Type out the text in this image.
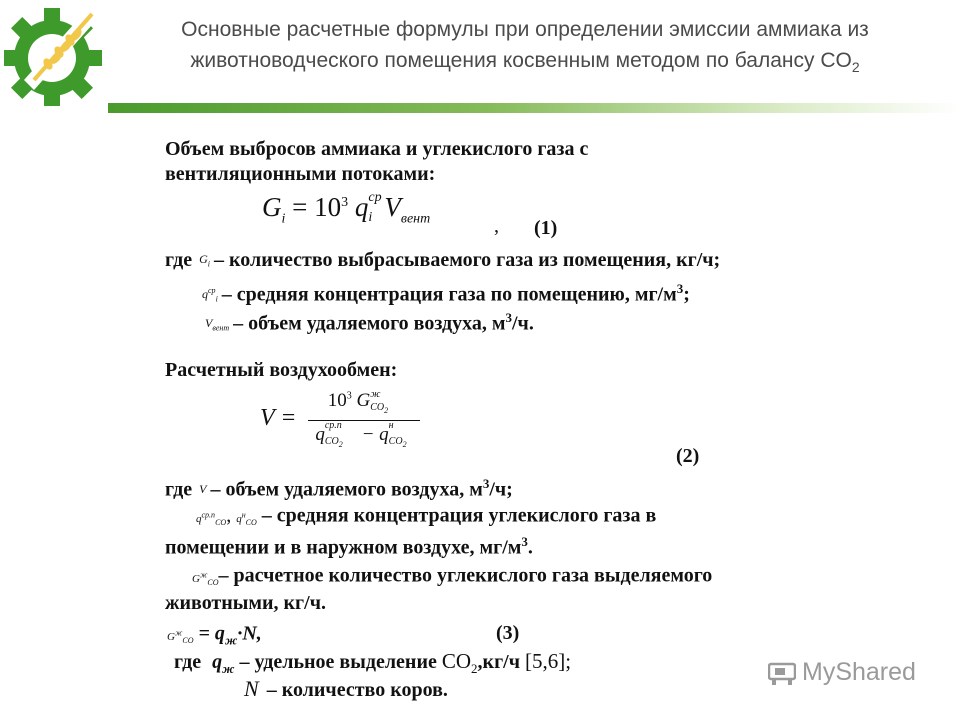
Основные расчетные формулы при определении эмиссии аммиака из
животноводческого помещения косвенным методом по балансу $CO_2$
Объем выбросов аммиака и углекислого газа с
вентиляционными потоками:
$G_i = 10^3$ q ср
i $V_{вент}$	, (1)
где $G_i$ – количество выбрасываемого газа из помещения, кг/ч;
$q^{ср}_i$ – средняя концентрация газа по помещению, $мг/м^3$;
$V_{вент}$ – объем удаляемого воздуха, $м^3/ч$.
Расчетный воздухообмен:
V =
$10^3$ G ж
$CO_2$
q ср.п
$CO_2 - q$ н
$CO_2$
(2)
где V – объем удаляемого воздуха, $м^3/ч$;
$q^{ср.п}_{CO}$, $q^н_{CO}$ – средняя концентрация углекислого газа в
помещении и в наружном воздухе, $мг/м^3$.
$G^ж_{CO}-$ расчетное количество углекислого газа выделяемого
животными, кг/ч.
$G^ж_{CO} = q_ж\cdot N$,	(3)
где $q_ж$ – удельное выделение $CO_2,кг/ч$ [5,6];
N – количество коров.
MyShared
